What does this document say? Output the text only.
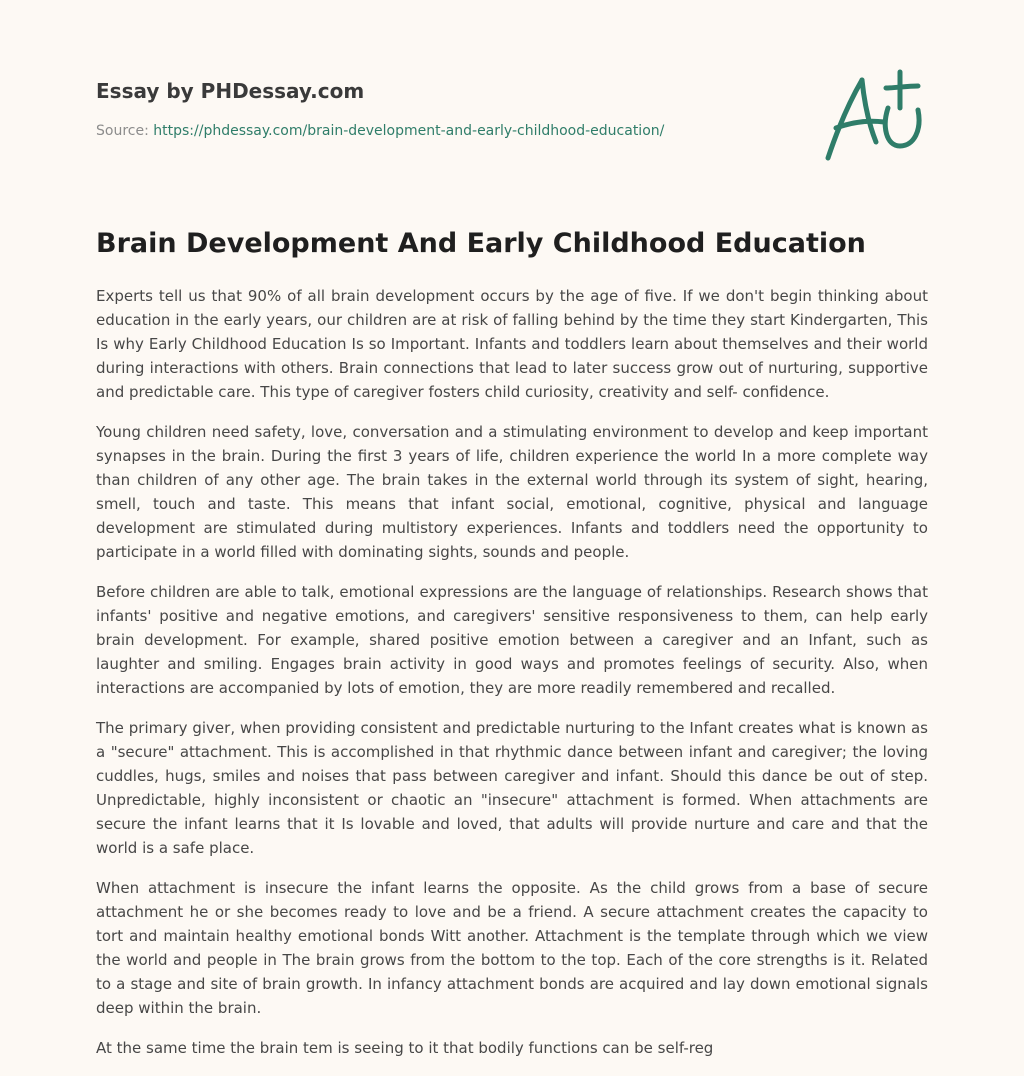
Essay by PHDessay.com
Source: https://phdessay.com/brain-development-and-early-childhood-education/
Brain Development And Early Childhood Education

Experts tell us that 90% of all brain development occurs by the age of five. If we don't begin thinking about education in the early years, our children are at risk of falling behind by the time they start Kindergarten, This Is why Early Childhood Education Is so Important. Infants and toddlers learn about themselves and their world during interactions with others. Brain connections that lead to later success grow out of nurturing, supportive and predictable care. This type of caregiver fosters child curiosity, creativity and self- confidence.

Young children need safety, love, conversation and a stimulating environment to develop and keep important synapses in the brain. During the first 3 years of life, children experience the world In a more complete way than children of any other age. The brain takes in the external world through its system of sight, hearing, smell, touch and taste. This means that infant social, emotional, cognitive, physical and language development are stimulated during multistory experiences. Infants and toddlers need the opportunity to participate in a world filled with dominating sights, sounds and people.

Before children are able to talk, emotional expressions are the language of relationships. Research shows that infants' positive and negative emotions, and caregivers' sensitive responsiveness to them, can help early brain development. For example, shared positive emotion between a caregiver and an Infant, such as laughter and smiling. Engages brain activity in good ways and promotes feelings of security. Also, when interactions are accompanied by lots of emotion, they are more readily remembered and recalled.

The primary giver, when providing consistent and predictable nurturing to the Infant creates what is known as a "secure" attachment. This is accomplished in that rhythmic dance between infant and caregiver; the loving cuddles, hugs, smiles and noises that pass between caregiver and infant. Should this dance be out of step. Unpredictable, highly inconsistent or chaotic an "insecure" attachment is formed. When attachments are secure the infant learns that it Is lovable and loved, that adults will provide nurture and care and that the world is a safe place.

When attachment is insecure the infant learns the opposite. As the child grows from a base of secure attachment he or she becomes ready to love and be a friend. A secure attachment creates the capacity to tort and maintain healthy emotional bonds Witt another. Attachment is the template through which we view the world and people in The brain grows from the bottom to the top. Each of the core strengths is it. Related to a stage and site of brain growth. In infancy attachment bonds are acquired and lay down emotional signals deep within the brain.

At the same time the brain tem is seeing to it that bodily functions can be self-reg
